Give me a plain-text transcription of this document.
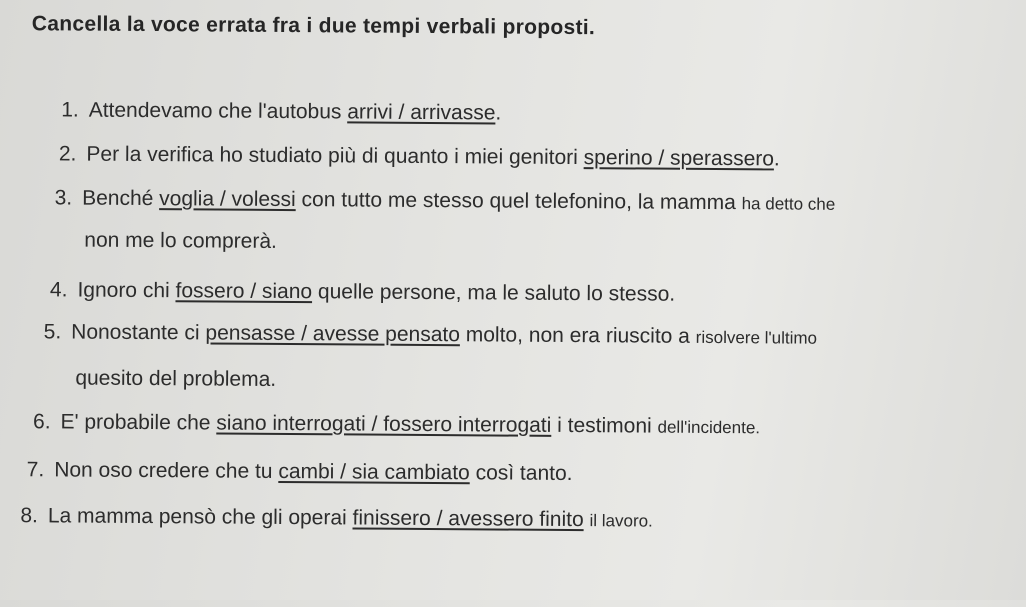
Cancella la voce errata fra i due tempi verbali proposti.
1. Attendevamo che l'autobus arrivi / arrivasse.
2. Per la verifica ho studiato più di quanto i miei genitori sperino / sperassero.
3. Benché voglia / volessi con tutto me stesso quel telefonino, la mamma ha detto che
non me lo comprerà.
4. Ignoro chi fossero / siano quelle persone, ma le saluto lo stesso.
5. Nonostante ci pensasse / avesse pensato molto, non era riuscito a risolvere l'ultimo
quesito del problema.
6. E' probabile che siano interrogati / fossero interrogati i testimoni dell'incidente.
7. Non oso credere che tu cambi / sia cambiato così tanto.
8. La mamma pensò che gli operai finissero / avessero finito il lavoro.
